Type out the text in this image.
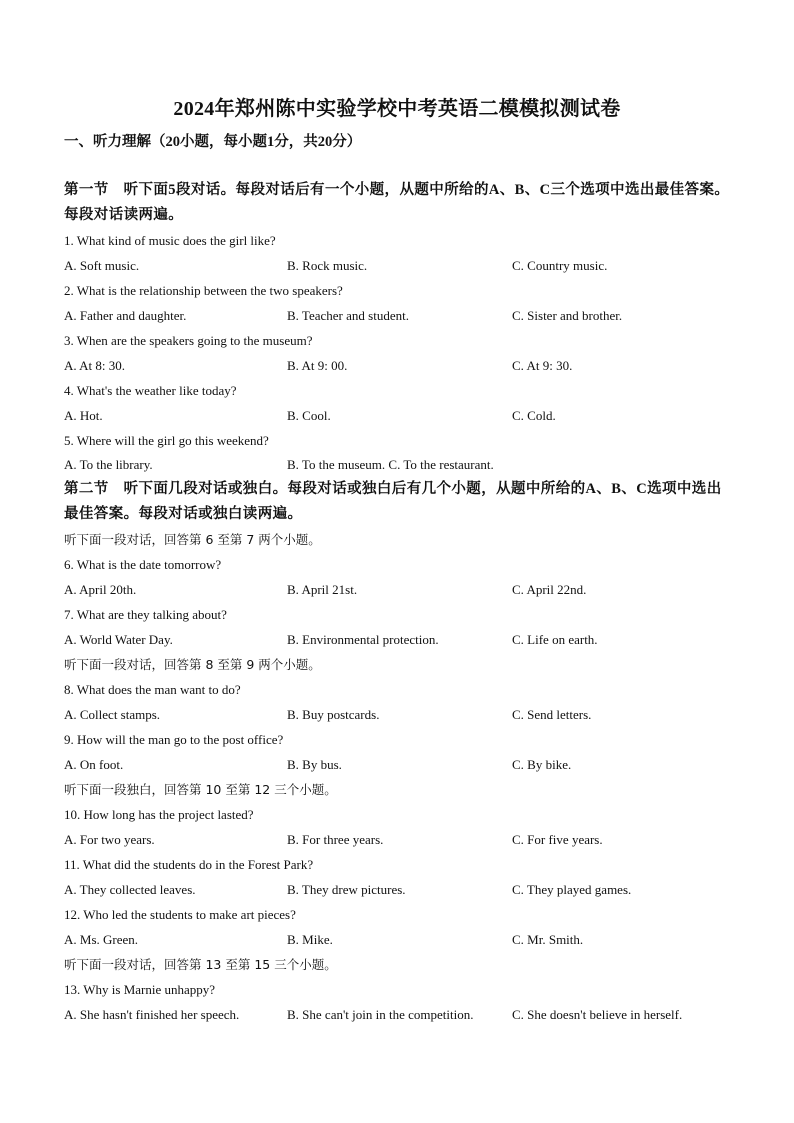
2024年郑州陈中实验学校中考英语二模模拟测试卷
一、听力理解（20小题，每小题1分，共20分）
第一节　听下面5段对话。每段对话后有一个小题，从题中所给的A、B、C三个选项中选出最佳答案。每段对话读两遍。
1. What kind of music does the girl like?
A. Soft music.	B. Rock music.	C. Country music.
2. What is the relationship between the two speakers?
A. Father and daughter.	B. Teacher and student.	C. Sister and brother.
3. When are the speakers going to the museum?
A. At 8: 30.	B. At 9: 00.	C. At 9: 30.
4. What's the weather like today?
A. Hot.	B. Cool.	C. Cold.
5. Where will the girl go this weekend?
A. To the library.	B. To the museum. C. To the restaurant.
第二节　听下面几段对话或独白。每段对话或独白后有几个小题，从题中所给的A、B、C选项中选出最佳答案。每段对话或独白读两遍。
听下面一段对话，回答第 6 至第 7 两个小题。
6. What is the date tomorrow?
A. April 20th.	B. April 21st.	C. April 22nd.
7. What are they talking about?
A. World Water Day.	B. Environmental protection.	C. Life on earth.
听下面一段对话，回答第 8 至第 9 两个小题。
8. What does the man want to do?
A. Collect stamps.	B. Buy postcards.	C. Send letters.
9. How will the man go to the post office?
A. On foot.	B. By bus.	C. By bike.
听下面一段独白，回答第 10 至第 12 三个小题。
10. How long has the project lasted?
A. For two years.	B. For three years.	C. For five years.
11. What did the students do in the Forest Park?
A. They collected leaves.	B. They drew pictures.	C. They played games.
12. Who led the students to make art pieces?
A. Ms. Green.	B. Mike.	C. Mr. Smith.
听下面一段对话，回答第 13 至第 15 三个小题。
13. Why is Marnie unhappy?
A. She hasn't finished her speech.	B. She can't join in the competition.	C. She doesn't believe in herself.
